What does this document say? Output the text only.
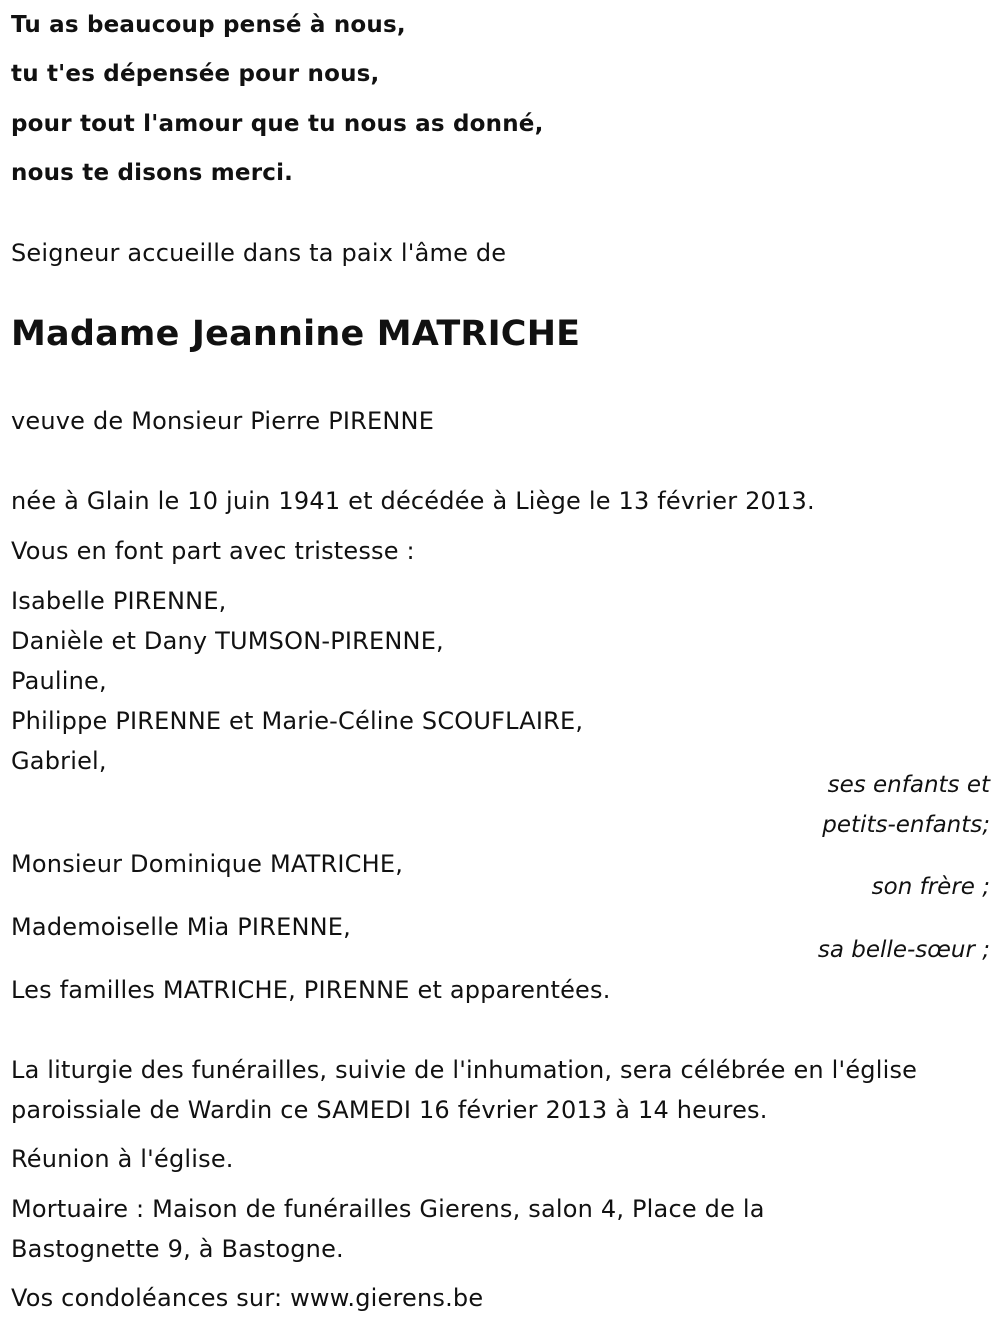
Tu as beaucoup pensé à nous,
tu t'es dépensée pour nous,
pour tout l'amour que tu nous as donné,
nous te disons merci.
Seigneur accueille dans ta paix l'âme de
Madame Jeannine MATRICHE
veuve de Monsieur Pierre PIRENNE
née à Glain le 10 juin 1941 et décédée à Liège le 13 février 2013.
Vous en font part avec tristesse :
Isabelle PIRENNE,
Danièle et Dany TUMSON-PIRENNE,
Pauline,
Philippe PIRENNE et Marie-Céline SCOUFLAIRE,
Gabriel,
ses enfants et
petits-enfants;
Monsieur Dominique MATRICHE,
son frère ;
Mademoiselle Mia PIRENNE,
sa belle-sœur ;
Les familles MATRICHE, PIRENNE et apparentées.
La liturgie des funérailles, suivie de l'inhumation, sera célébrée en l'église
paroissiale de Wardin ce SAMEDI 16 février 2013 à 14 heures.
Réunion à l'église.
Mortuaire : Maison de funérailles Gierens, salon 4, Place de la
Bastognette 9, à Bastogne.
Vos condoléances sur: www.gierens.be
